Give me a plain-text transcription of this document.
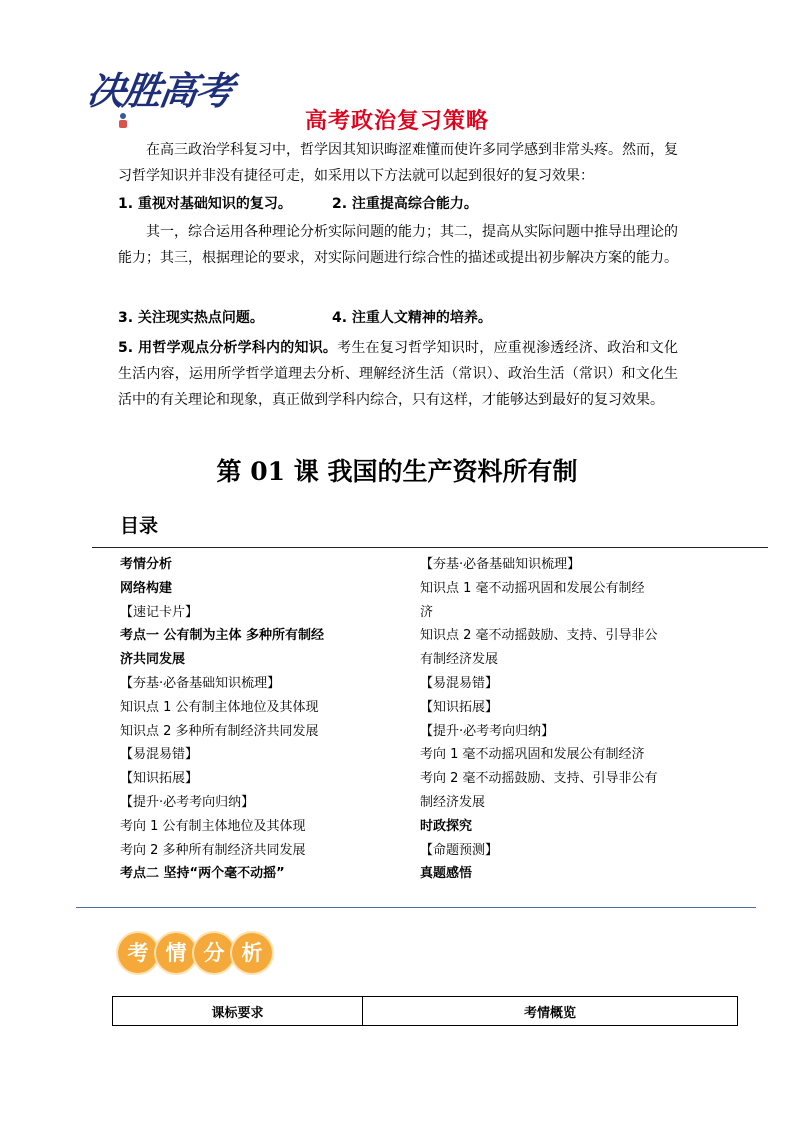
决胜高考
高考政治复习策略
在高三政治学科复习中，哲学因其知识晦涩难懂而使许多同学感到非常头疼。然而，复习哲学知识并非没有捷径可走，如采用以下方法就可以起到很好的复习效果：
1. 重视对基础知识的复习。	2. 注重提高综合能力。
其一，综合运用各种理论分析实际问题的能力；其二，提高从实际问题中推导出理论的能力；其三，根据理论的要求，对实际问题进行综合性的描述或提出初步解决方案的能力。
3. 关注现实热点问题。	4. 注重人文精神的培养。
5. 用哲学观点分析学科内的知识。考生在复习哲学知识时，应重视渗透经济、政治和文化生活内容，运用所学哲学道理去分析、理解经济生活（常识）、政治生活（常识）和文化生活中的有关理论和现象，真正做到学科内综合，只有这样，才能够达到最好的复习效果。
第 01 课 我国的生产资料所有制
目录
考情分析
网络构建
【速记卡片】
考点一 公有制为主体 多种所有制经
济共同发展
【夯基·必备基础知识梳理】
知识点 1 公有制主体地位及其体现
知识点 2 多种所有制经济共同发展
【易混易错】
【知识拓展】
【提升·必考考向归纳】
考向 1 公有制主体地位及其体现
考向 2 多种所有制经济共同发展
考点二 坚持“两个毫不动摇”
【夯基·必备基础知识梳理】
知识点 1 毫不动摇巩固和发展公有制经
济
知识点 2 毫不动摇鼓励、支持、引导非公
有制经济发展
【易混易错】
【知识拓展】
【提升·必考考向归纳】
考向 1 毫不动摇巩固和发展公有制经济
考向 2 毫不动摇鼓励、支持、引导非公有
制经济发展
时政探究
【命题预测】
真题感悟
考 情 分 析
课标要求	考情概览
